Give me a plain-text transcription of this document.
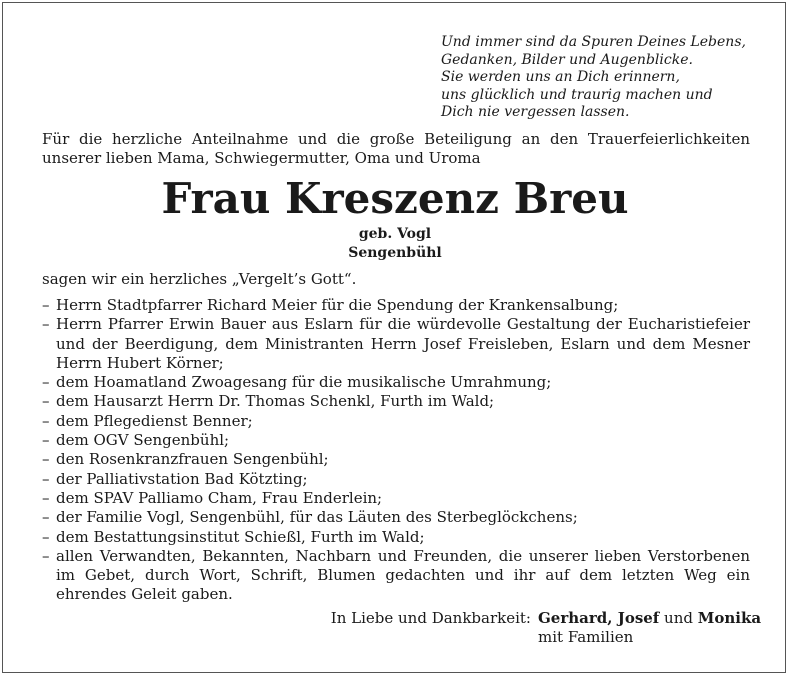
Und immer sind da Spuren Deines Lebens,
Gedanken, Bilder und Augenblicke.
Sie werden uns an Dich erinnern,
uns glücklich und traurig machen und
Dich nie vergessen lassen.
Für die herzliche Anteilnahme und die große Beteiligung an den Trauerfeierlichkeiten unserer lieben Mama, Schwiegermutter, Oma und Uroma
Frau Kreszenz Breu
geb. Vogl
Sengenbühl
sagen wir ein herzliches „Vergelt’s Gott“.
– Herrn Stadtpfarrer Richard Meier für die Spendung der Krankensalbung;
– Herrn Pfarrer Erwin Bauer aus Eslarn für die würdevolle Gestaltung der Eucharistiefeier und der Beerdigung, dem Ministranten Herrn Josef Freisleben, Eslarn und dem Mesner Herrn Hubert Körner;
– dem Hoamatland Zwoagesang für die musikalische Umrahmung;
– dem Hausarzt Herrn Dr. Thomas Schenkl, Furth im Wald;
– dem Pflegedienst Benner;
– dem OGV Sengenbühl;
– den Rosenkranzfrauen Sengenbühl;
– der Palliativstation Bad Kötzting;
– dem SPAV Palliamo Cham, Frau Enderlein;
– der Familie Vogl, Sengenbühl, für das Läuten des Sterbeglöckchens;
– dem Bestattungsinstitut Schießl, Furth im Wald;
– allen Verwandten, Bekannten, Nachbarn und Freunden, die unserer lieben Verstorbenen im Gebet, durch Wort, Schrift, Blumen gedachten und ihr auf dem letzten Weg ein ehrendes Geleit gaben.
In Liebe und Dankbarkeit: Gerhard, Josef und Monika
mit Familien
